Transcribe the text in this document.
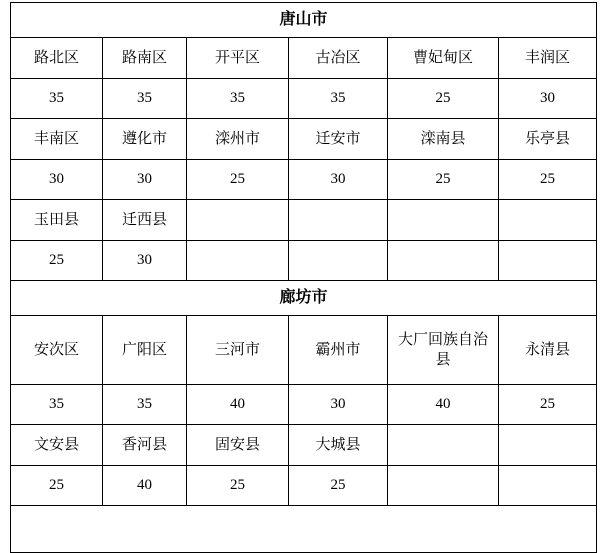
唐山市					
路北区	路南区	开平区	古冶区	曹妃甸区	丰润区
35	35	35	35	25	30
丰南区	遵化市	滦州市	迁安市	滦南县	乐亭县
30	30	25	30	25	25
玉田县	迁西县				
25	30				
廊坊市					
安次区	广阳区	三河市	霸州市	大厂回族自治县	永清县
35	35	40	30	40	25
文安县	香河县	固安县	大城县		
25	40	25	25		
